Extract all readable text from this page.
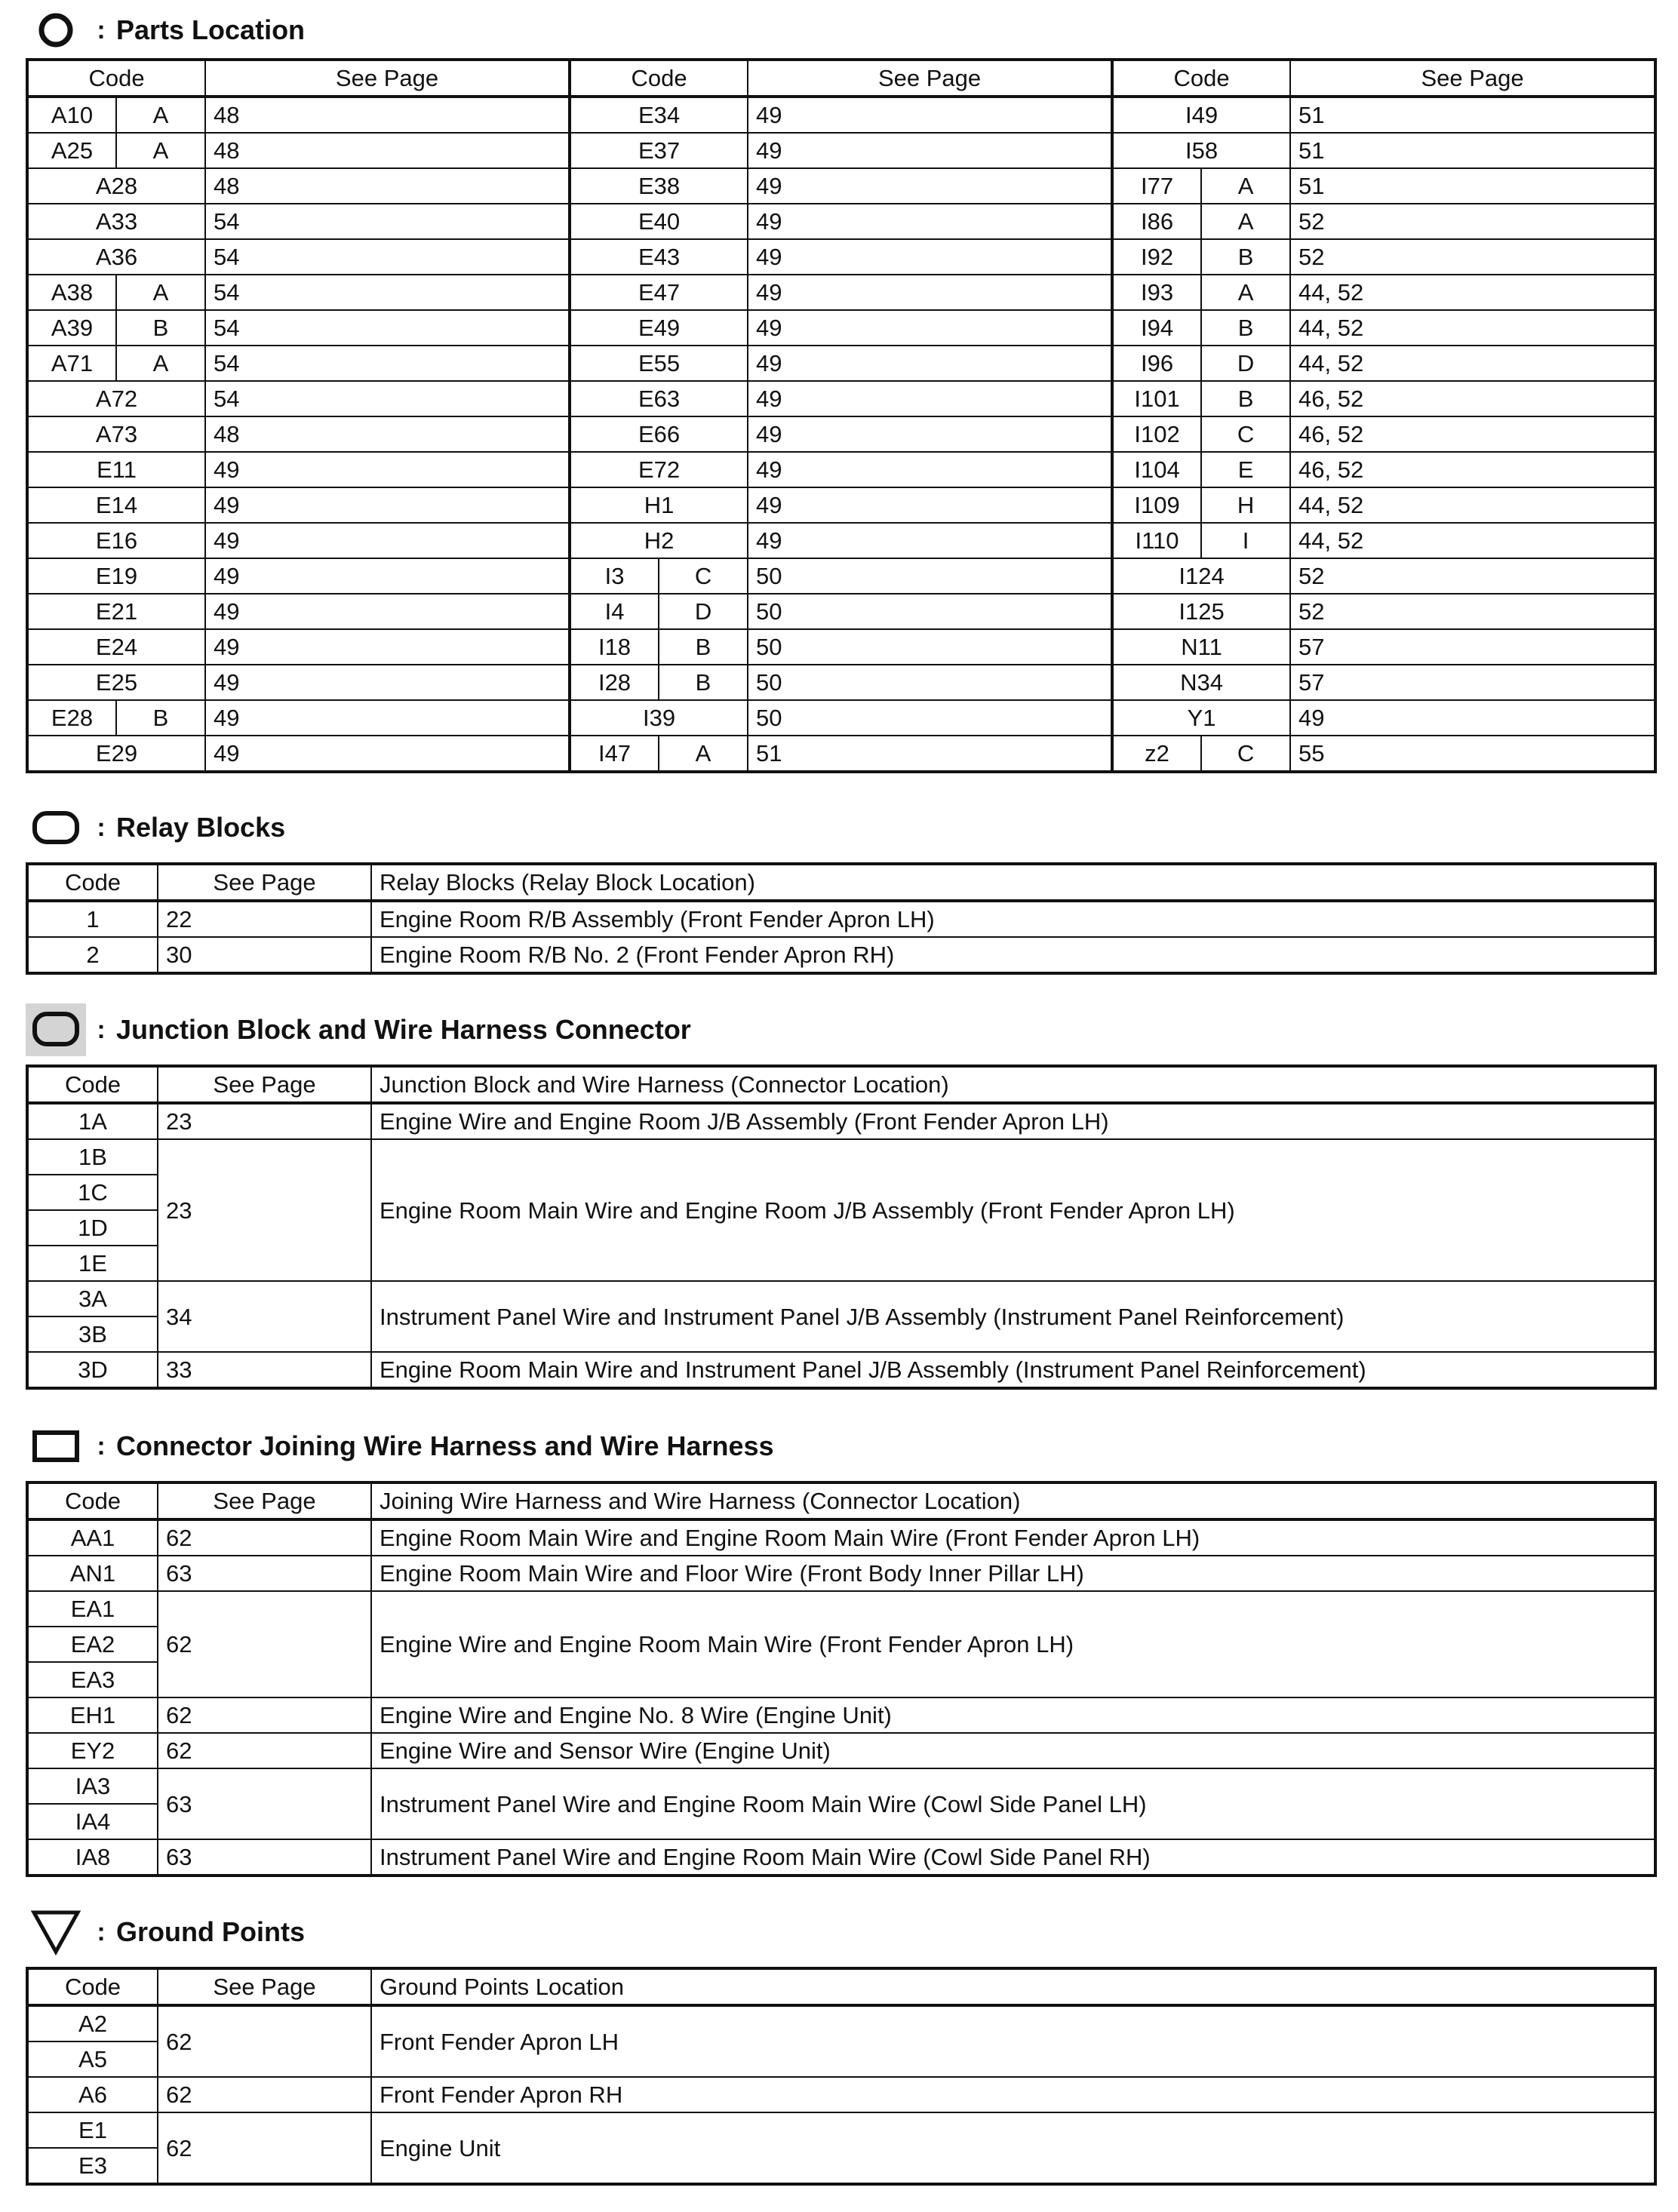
: Parts Location
Code		See Page	Code		See Page	Code		See Page
A10	A	48	E34		49	I49		51
A25	A	48	E37		49	I58		51
A28		48	E38		49	I77	A	51
A33		54	E40		49	I86	A	52
A36		54	E43		49	I92	B	52
A38	A	54	E47		49	I93	A	44, 52
A39	B	54	E49		49	I94	B	44, 52
A71	A	54	E55		49	I96	D	44, 52
A72		54	E63		49	I101	B	46, 52
A73		48	E66		49	I102	C	46, 52
E11		49	E72		49	I104	E	46, 52
E14		49	H1		49	I109	H	44, 52
E16		49	H2		49	I110	I	44, 52
E19		49	I3	C	50	I124		52
E21		49	I4	D	50	I125		52
E24		49	I18	B	50	N11		57
E25		49	I28	B	50	N34		57
E28	B	49	I39		50	Y1		49
E29		49	I47	A	51	z2	C	55
: Relay Blocks
Code	See Page	Relay Blocks (Relay Block Location)
1	22	Engine Room R/B Assembly (Front Fender Apron LH)
2	30	Engine Room R/B No. 2 (Front Fender Apron RH)
: Junction Block and Wire Harness Connector
Code	See Page	Junction Block and Wire Harness (Connector Location)
1A	23	Engine Wire and Engine Room J/B Assembly (Front Fender Apron LH)
1B	23	Engine Room Main Wire and Engine Room J/B Assembly (Front Fender Apron LH)
1C		
1D		
1E		
3A	34	Instrument Panel Wire and Instrument Panel J/B Assembly (Instrument Panel Reinforcement)
3B		
3D	33	Engine Room Main Wire and Instrument Panel J/B Assembly (Instrument Panel Reinforcement)
: Connector Joining Wire Harness and Wire Harness
Code	See Page	Joining Wire Harness and Wire Harness (Connector Location)
AA1	62	Engine Room Main Wire and Engine Room Main Wire (Front Fender Apron LH)
AN1	63	Engine Room Main Wire and Floor Wire (Front Body Inner Pillar LH)
EA1	62	Engine Wire and Engine Room Main Wire (Front Fender Apron LH)
EA2		
EA3		
EH1	62	Engine Wire and Engine No. 8 Wire (Engine Unit)
EY2	62	Engine Wire and Sensor Wire (Engine Unit)
IA3	63	Instrument Panel Wire and Engine Room Main Wire (Cowl Side Panel LH)
IA4		
IA8	63	Instrument Panel Wire and Engine Room Main Wire (Cowl Side Panel RH)
: Ground Points
Code	See Page	Ground Points Location
A2	62	Front Fender Apron LH
A5		
A6	62	Front Fender Apron RH
E1	62	Engine Unit
E3		
